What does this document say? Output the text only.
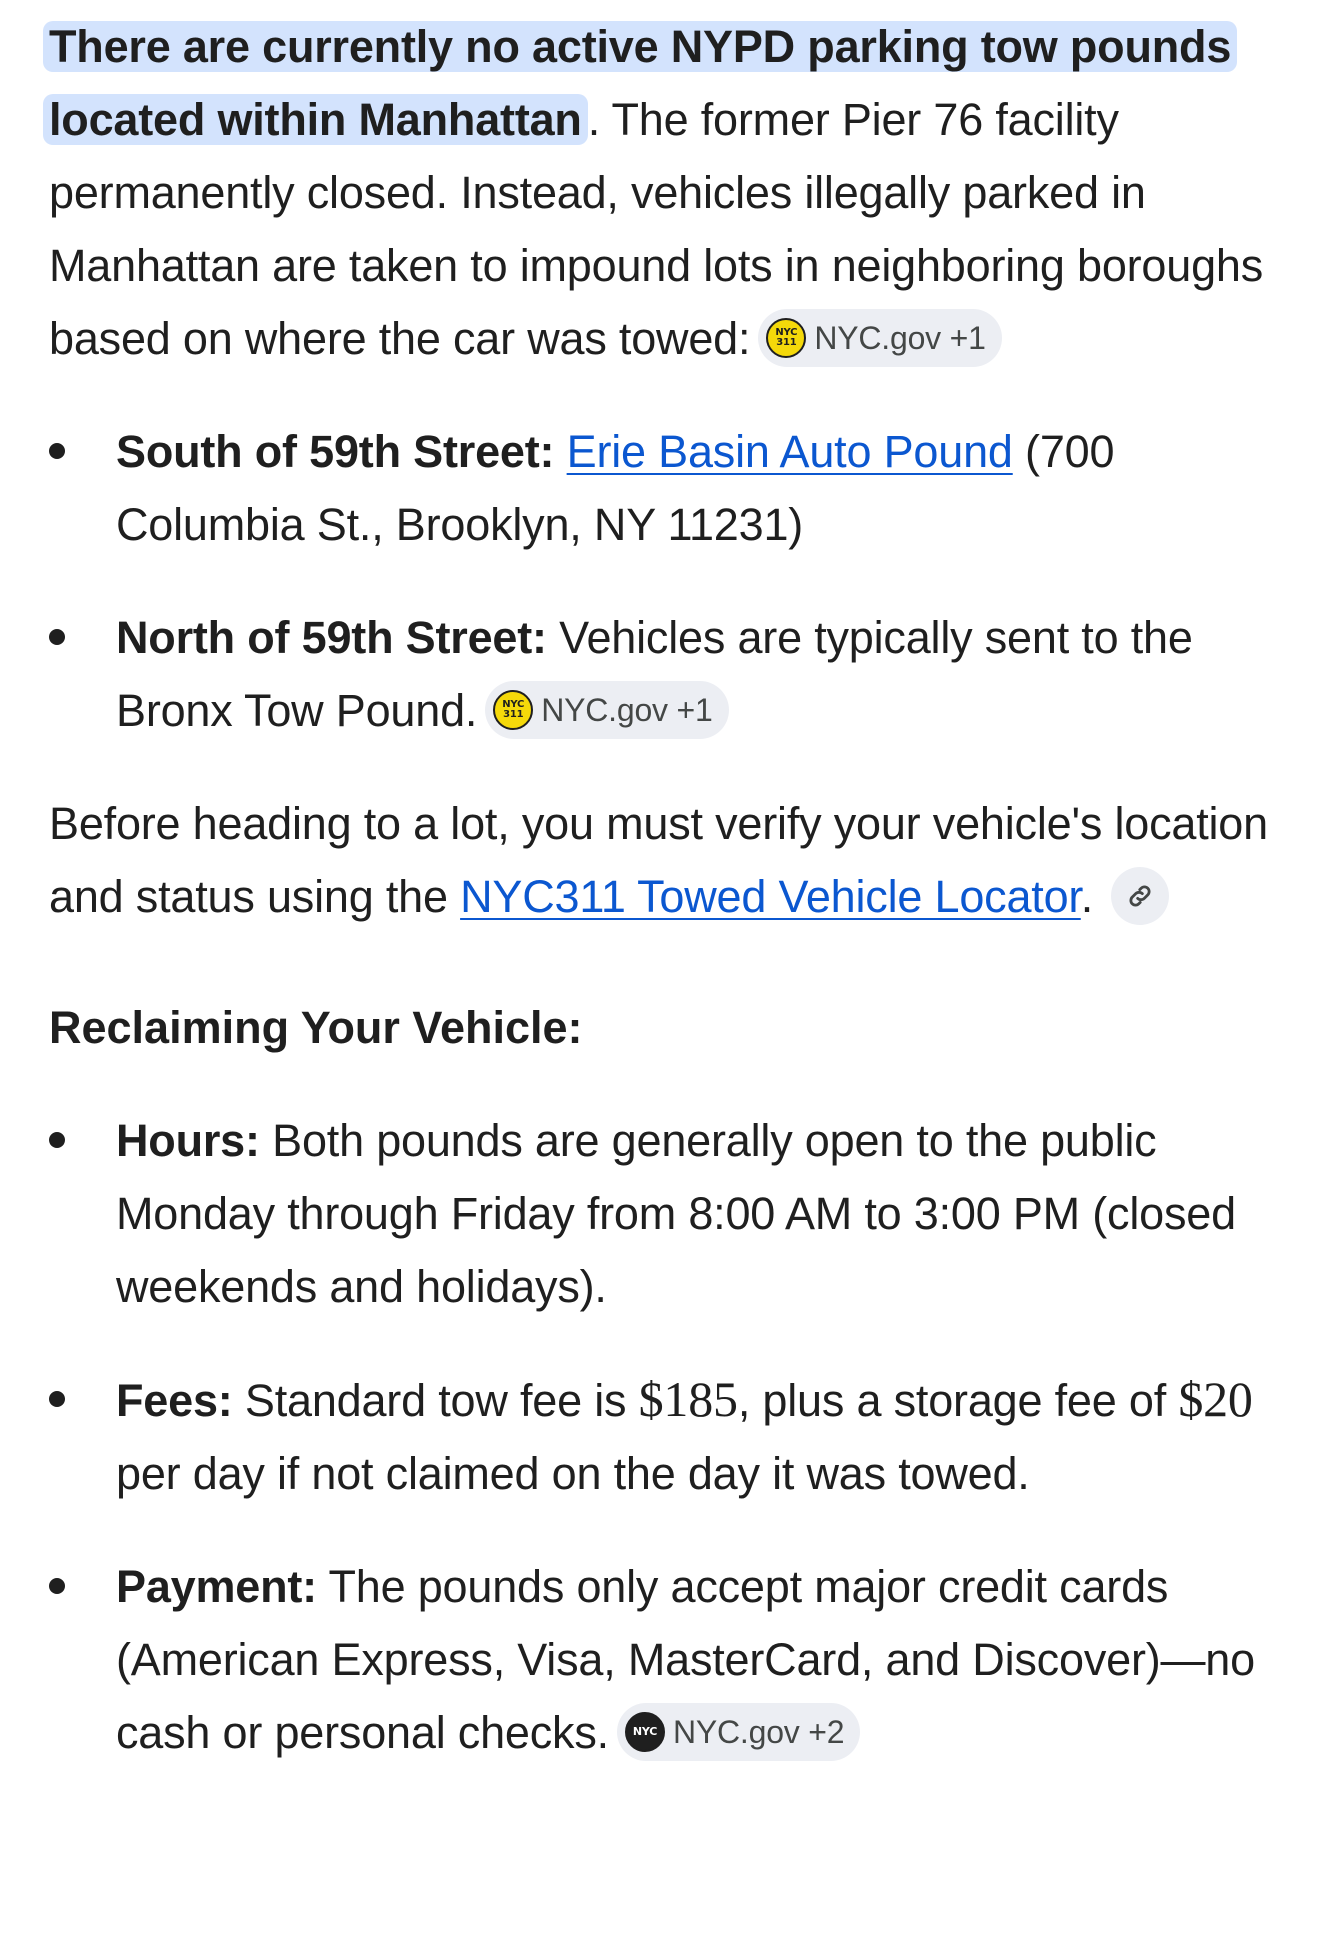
There are currently no active NYPD parking tow pounds located within Manhattan . The former Pier 76 facility permanently closed. Instead, vehicles illegally parked in Manhattan are taken to impound lots in neighboring boroughs based on where the car was towed:	NYC 311 NYC.gov +1

South of 59th Street: Erie Basin Auto Pound (700 Columbia St., Brooklyn, NY 11231)
North of 59th Street: Vehicles are typically sent to the Bronx Tow Pound.	NYC 311 NYC.gov +1

Before heading to a lot, you must verify your vehicle's location and status using the NYC311 Towed Vehicle Locator.

Reclaiming Your Vehicle:
Hours: Both pounds are generally open to the public Monday through Friday from 8:00 AM to 3:00 PM (closed weekends and holidays).
Fees: Standard tow fee is $185, plus a storage fee of $20 per day if not claimed on the day it was towed.
Payment: The pounds only accept major credit cards (American Express, Visa, MasterCard, and Discover)—no cash or personal checks. NYC NYC.gov +2
